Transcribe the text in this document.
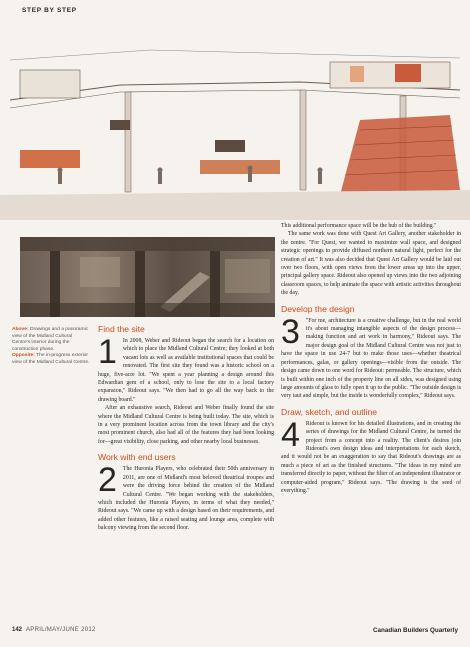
STEP BY STEP
Above: Drawings and a panoramic view of the Midland Cultural Centre's interior during the construction phase.
Opposite: The in-progress exterior view of the Midland Cultural Centre.
Find the site
1	In 2008, Weber and Rideout began the search for a location on which to place the Midland Cultural Centre; they looked at both vacant lots as well as available institutional spaces that could be renovated. The first site they found was a historic school on a huge, five-acre lot. "We spent a year planning a design around this Edwardian gem of a school, only to lose the site to a local factory expansion," Rideout says. "We then had to go all the way back to the drawing board."

After an exhaustive search, Rideout and Weber finally found the site where the Midland Cultural Centre is being built today. The site, which is in a very prominent location across from the town library and the city's most prominent church, also had all of the features they had been looking for—great visibility, close parking, and other nearby local businesses.

Work with end users
2	The Huronia Players, who celebrated their 50th anniversary in 2011, are one of Midland's most beloved theatrical troupes and were the driving force behind the creation of the Midland Cultural Centre. "We began working with the stakeholders, which included the Huronia Players, in terms of what they needed," Rideout says. "We came up with a design based on their requirements, and added other features, like a raised seating and lounge area, complete with balcony viewing from the second floor.

This additional performance space will be the hub of the building."

The same work was done with Quest Art Gallery, another stakeholder in the centre. "For Quest, we wanted to maximize wall space, and designed strategic openings to provide diffused northern natural light, perfect for the creation of art." It was also decided that Quest Art Gallery would be laid out over two floors, with open views from the lower areas up into the upper, principal gallery space. Rideout also opened up views into the two adjoining classroom spaces, to help animate the space with artistic activities throughout the day.

Develop the design
3	"For me, architecture is a creative challenge, but in the real world it's about managing intangible aspects of the design process—making function and art work in harmony," Rideout says. The major design goal of the Midland Cultural Centre was not just to have the space in use 24-7 but to make those uses—whether theatrical performances, galas, or gallery openings—visible from the outside. The design came down to one word for Rideout: permeable. The structure, which is built within one inch of the property line on all sides, was designed using large amounts of glass to fully open it up to the public. "The outside design is very taut and simple, but the inside is wonderfully complex," Rideout says.

Draw, sketch, and outline
4	Rideout is known for his detailed illustrations, and in creating the series of drawings for the Midland Cultural Centre, he turned the project from a concept into a reality. The client's desires join Rideout's own design ideas and interpretations for each sketch, and it would not be an exaggeration to say that Rideout's drawings are as much a piece of art as the finished structures. "The ideas in my mind are transferred directly to paper, without the filter of an independent illustrator or computer-aided program," Rideout says. "The drawing is the seed of everything."

142 APRIL/MAY/JUNE 2012	Canadian Builders Quarterly
